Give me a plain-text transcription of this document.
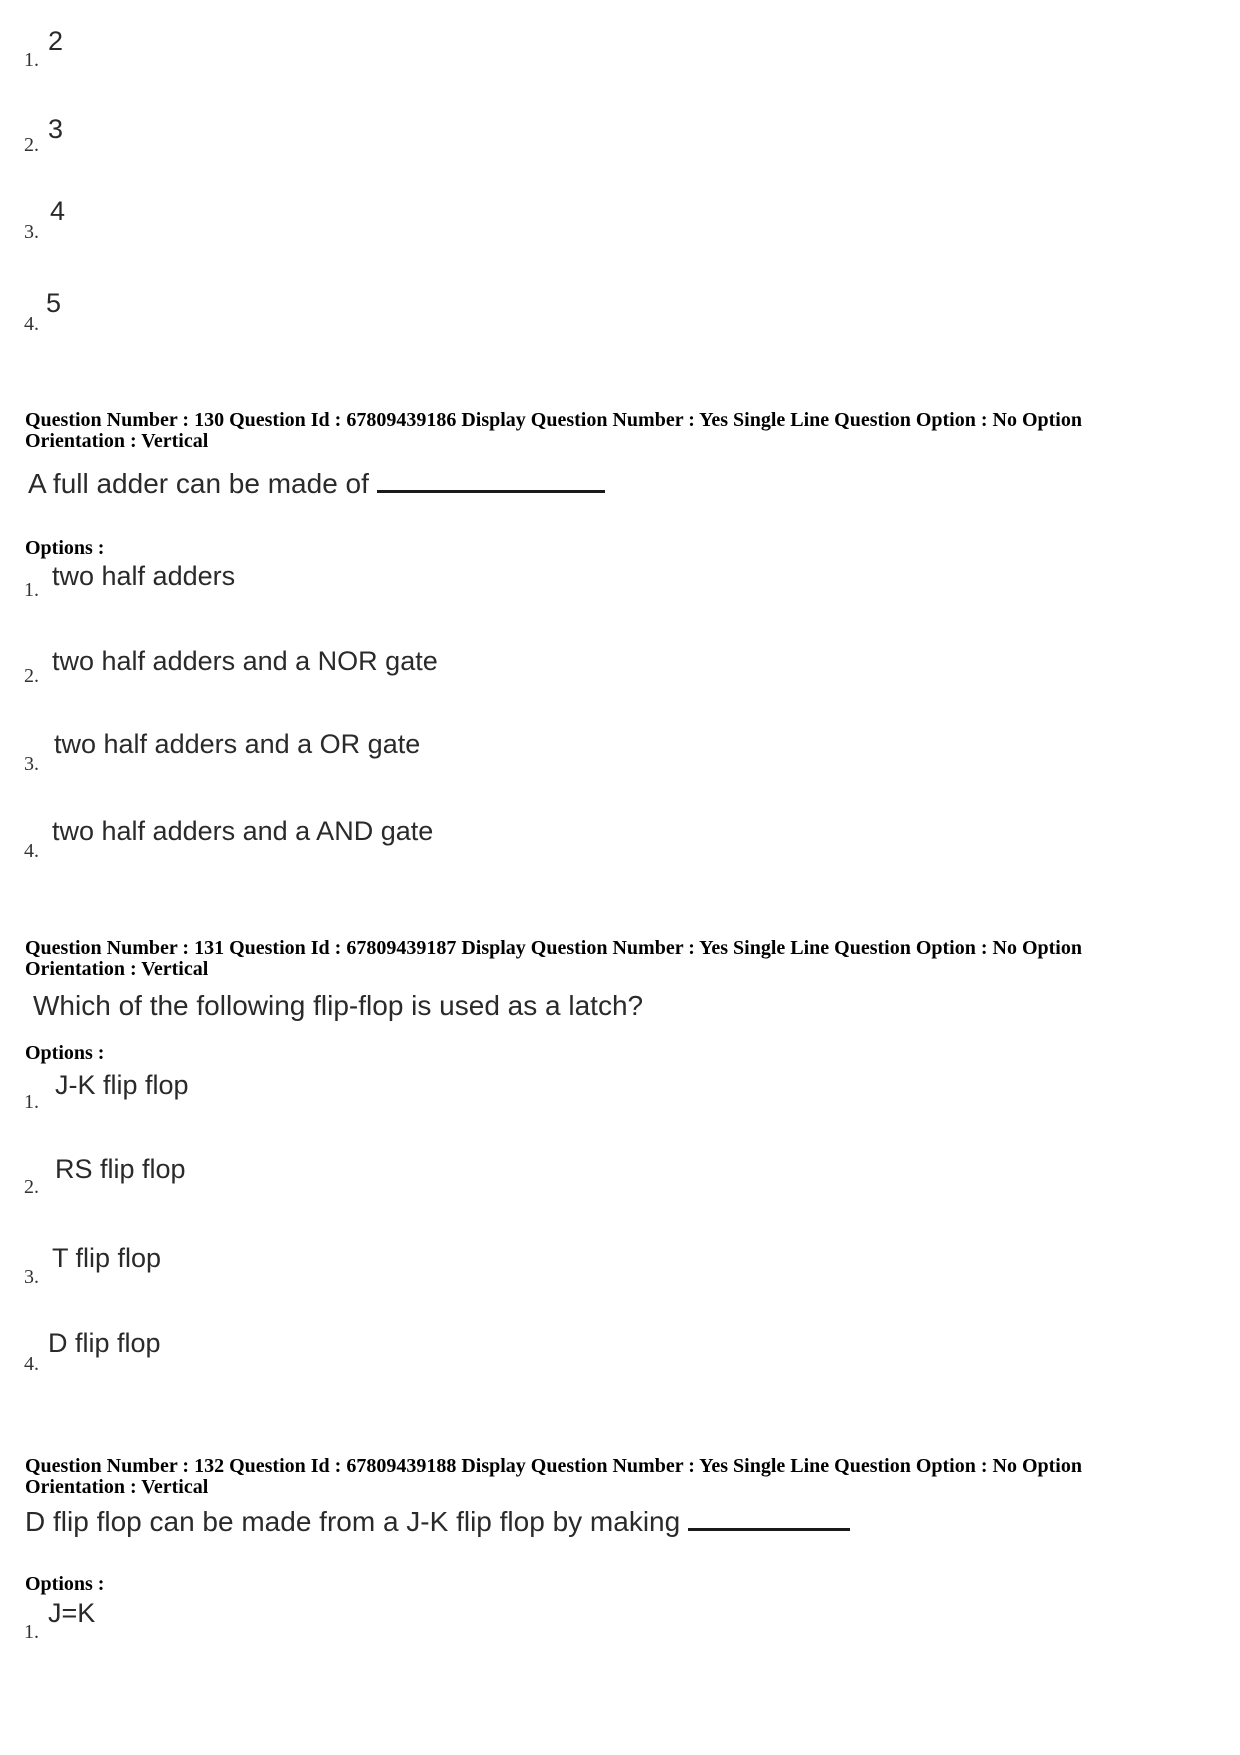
1.
2
2.
3
3.
4
4.
5
Question Number : 130 Question Id : 67809439186 Display Question Number : Yes Single Line Question Option : No Option
Orientation : Vertical
A full adder can be made of
Options :
1. two half adders
2. two half adders and a NOR gate
3.
two half adders and a OR gate
4.
two half adders and a AND gate
Question Number : 131 Question Id : 67809439187 Display Question Number : Yes Single Line Question Option : No Option
Orientation : Vertical
Which of the following flip-flop is used as a latch?
Options :
1.
J-K flip flop
2.
RS flip flop
3.
T flip flop
4.
D flip flop
Question Number : 132 Question Id : 67809439188 Display Question Number : Yes Single Line Question Option : No Option
Orientation : Vertical
D flip flop can be made from a J-K flip flop by making
Options :
1.
J=K
